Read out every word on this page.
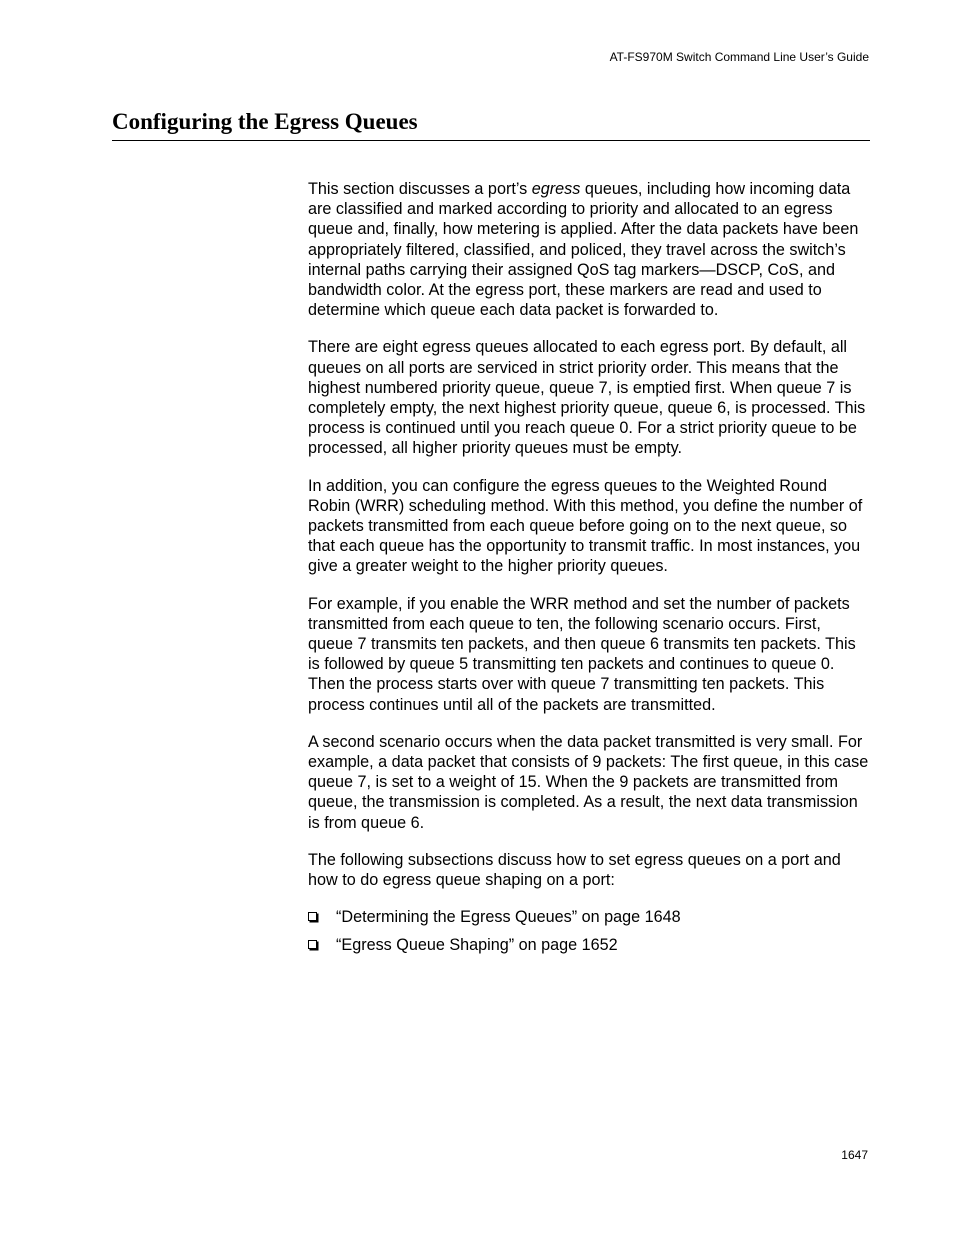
AT-FS970M Switch Command Line User’s Guide
Configuring the Egress Queues

This section discusses a port’s egress queues, including how incoming data are classified and marked according to priority and allocated to an egress queue and, finally, how metering is applied. After the data packets have been appropriately filtered, classified, and policed, they travel across the switch’s internal paths carrying their assigned QoS tag markers—DSCP, CoS, and bandwidth color. At the egress port, these markers are read and used to determine which queue each data packet is forwarded to.

There are eight egress queues allocated to each egress port. By default, all queues on all ports are serviced in strict priority order. This means that the highest numbered priority queue, queue 7, is emptied first. When queue 7 is completely empty, the next highest priority queue, queue 6, is processed. This process is continued until you reach queue 0. For a strict priority queue to be processed, all higher priority queues must be empty.

In addition, you can configure the egress queues to the Weighted Round Robin (WRR) scheduling method. With this method, you define the number of packets transmitted from each queue before going on to the next queue, so that each queue has the opportunity to transmit traffic. In most instances, you give a greater weight to the higher priority queues.

For example, if you enable the WRR method and set the number of packets transmitted from each queue to ten, the following scenario occurs. First, queue 7 transmits ten packets, and then queue 6 transmits ten packets. This is followed by queue 5 transmitting ten packets and continues to queue 0. Then the process starts over with queue 7 transmitting ten packets. This process continues until all of the packets are transmitted.

A second scenario occurs when the data packet transmitted is very small. For example, a data packet that consists of 9 packets: The first queue, in this case queue 7, is set to a weight of 15. When the 9 packets are transmitted from queue, the transmission is completed. As a result, the next data transmission is from queue 6.

The following subsections discuss how to set egress queues on a port and how to do egress queue shaping on a port:

“Determining the Egress Queues” on page 1648
“Egress Queue Shaping” on page 1652
1647
